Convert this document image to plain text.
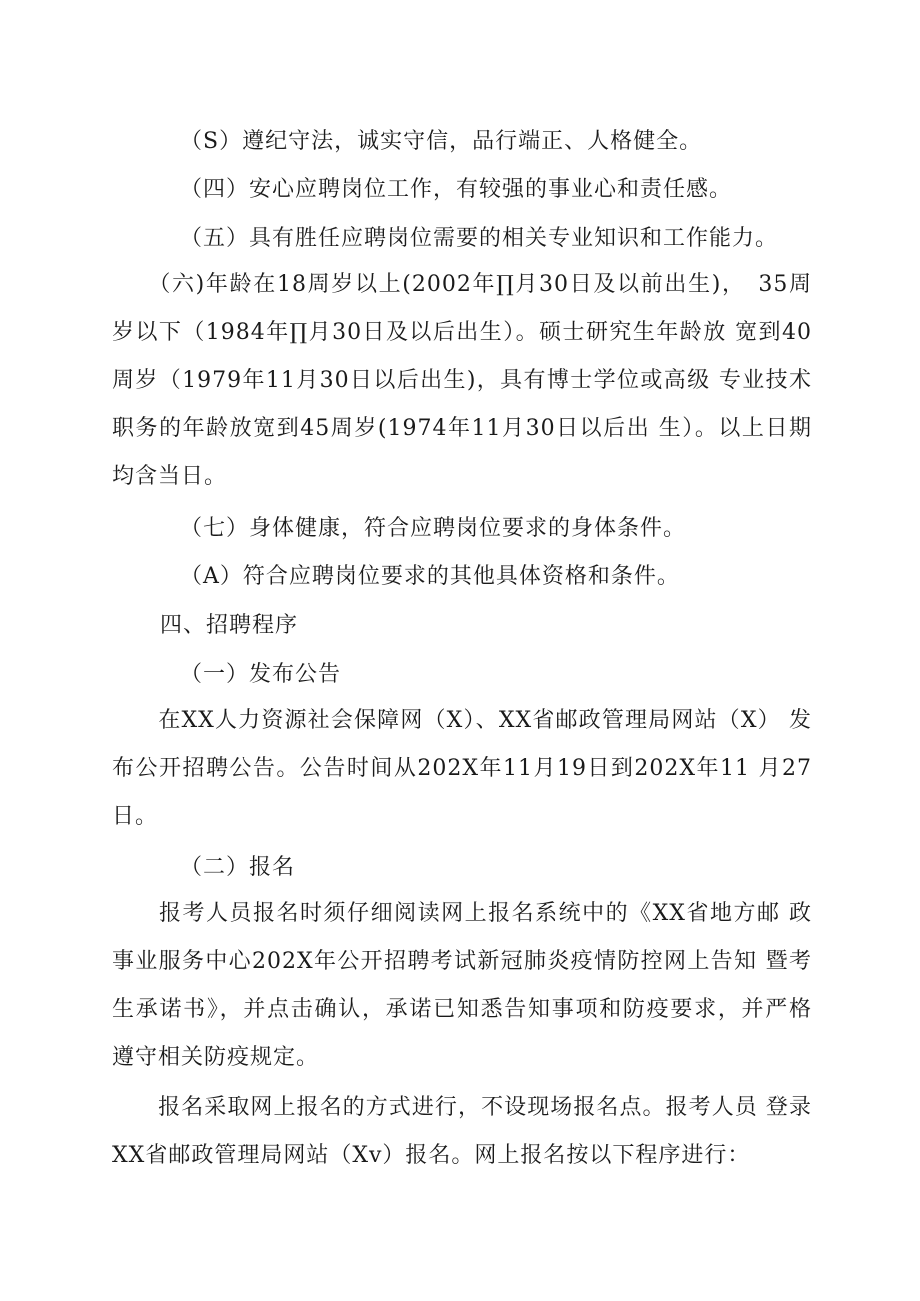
（S）遵纪守法，诚实守信，品行端正、人格健全。
（四）安心应聘岗位工作，有较强的事业心和责任感。
（五）具有胜任应聘岗位需要的相关专业知识和工作能力。
　　（六)年龄在18周岁以上(2002年∏月30日及以前出生)，　35周岁以下（1984年∏月30日及以后出生）。硕士研究生年龄放 宽到40周岁（1979年11月30日以后出生)，具有博士学位或高级 专业技术职务的年龄放宽到45周岁(1974年11月30日以后出 生）。以上日期均含当日。
（七）身体健康，符合应聘岗位要求的身体条件。
（A）符合应聘岗位要求的其他具体资格和条件。
四、招聘程序
（一）发布公告
　　在XX人力资源社会保障网（X）、XX省邮政管理局网站（X） 发布公开招聘公告。公告时间从202X年11月19日到202X年11 月27日。
（二）报名
　　报考人员报名时须仔细阅读网上报名系统中的《XX省地方邮 政事业服务中心202X年公开招聘考试新冠肺炎疫情防控网上告知 暨考生承诺书》，并点击确认，承诺已知悉告知事项和防疫要求，并严格遵守相关防疫规定。
　　报名采取网上报名的方式进行，不设现场报名点。报考人员 登录XX省邮政管理局网站（Xv）报名。网上报名按以下程序进行：
